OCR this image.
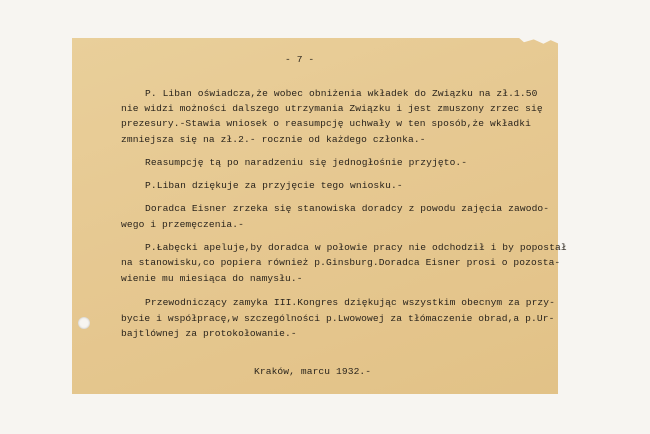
- 7 -

P. Liban oświadcza,że wobec obniżenia wkładek do Związku na zł.1.50

nie widzi możności dalszego utrzymania Związku i jest zmuszony zrzec się

prezesury.-Stawia wniosek o reasumpcję uchwały w ten sposób,że wkładki

zmniejsza się na zł.2.- rocznie od każdego członka.-

Reasumpcję tą po naradzeniu się jednogłośnie przyjęto.-

P.Liban dziękuje za przyjęcie tego wniosku.-

Doradca Eisner zrzeka się stanowiska doradcy z powodu zajęcia zawodo-

wego i przemęczenia.-

P.Łabęcki apeluje,by doradca w połowie pracy nie odchodził i by popostał

na stanowisku,co popiera również p.Ginsburg.Doradca Eisner prosi o pozosta-

wienie mu miesiąca do namysłu.-

Przewodniczący zamyka III.Kongres dziękując wszystkim obecnym za przy-

bycie i współpracę,w szczególności p.Lwowowej za tłómaczenie obrad,a p.Ur-

bajtlównej za protokołowanie.-

Kraków, marcu 1932.-
